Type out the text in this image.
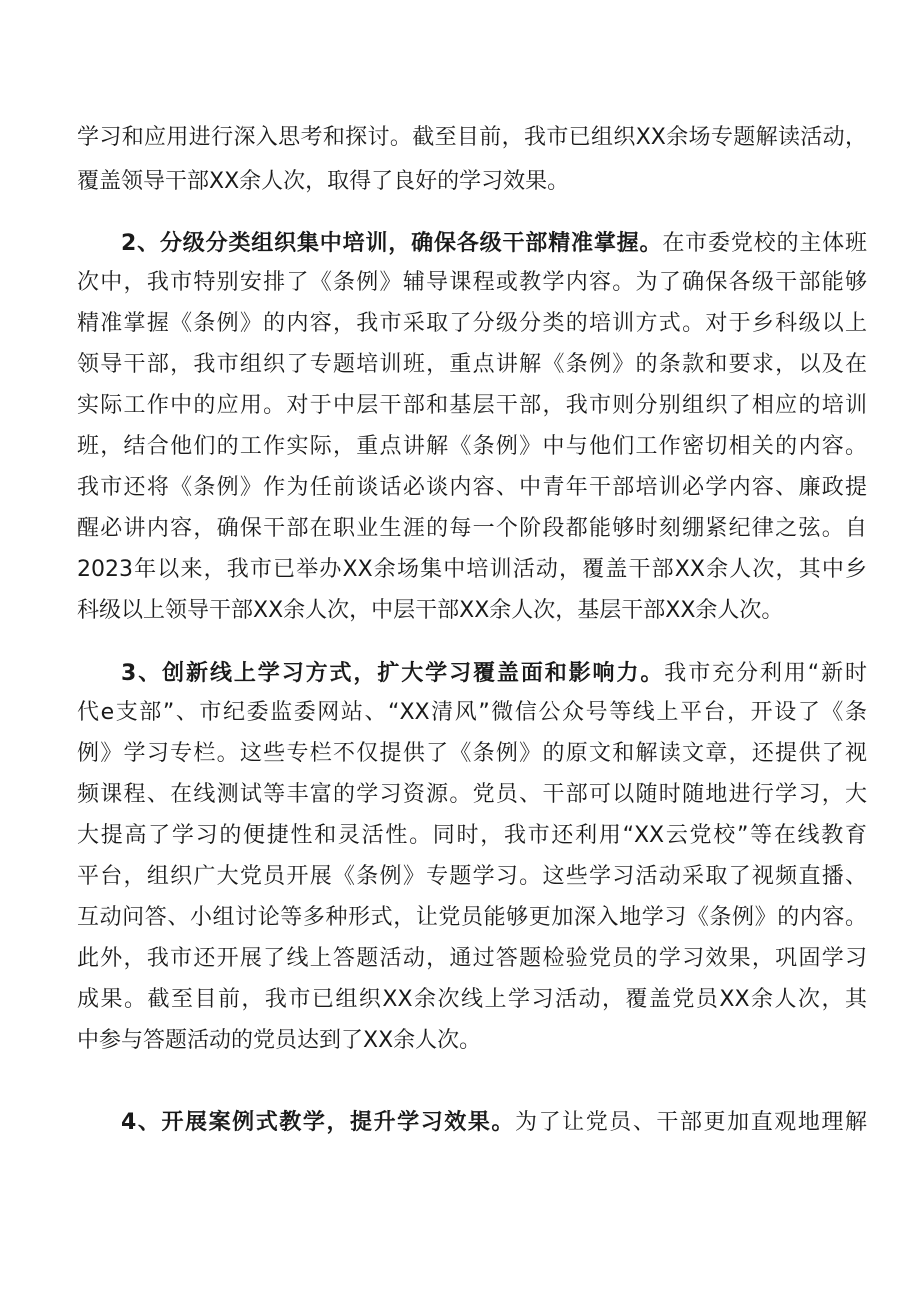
学习和应用进行深入思考和探讨。截至目前，我市已组织XX余场专题解读活动，
覆盖领导干部XX余人次，取得了良好的学习效果。
2、分级分类组织集中培训，确保各级干部精准掌握。在市委党校的主体班
次中，我市特别安排了《条例》辅导课程或教学内容。为了确保各级干部能够
精准掌握《条例》的内容，我市采取了分级分类的培训方式。对于乡科级以上
领导干部，我市组织了专题培训班，重点讲解《条例》的条款和要求，以及在
实际工作中的应用。对于中层干部和基层干部，我市则分别组织了相应的培训
班，结合他们的工作实际，重点讲解《条例》中与他们工作密切相关的内容。
我市还将《条例》作为任前谈话必谈内容、中青年干部培训必学内容、廉政提
醒必讲内容，确保干部在职业生涯的每一个阶段都能够时刻绷紧纪律之弦。自
2023年以来，我市已举办XX余场集中培训活动，覆盖干部XX余人次，其中乡
科级以上领导干部XX余人次，中层干部XX余人次，基层干部XX余人次。
3、创新线上学习方式，扩大学习覆盖面和影响力。我市充分利用“新时
代e支部”、市纪委监委网站、“XX清风”微信公众号等线上平台，开设了《条
例》学习专栏。这些专栏不仅提供了《条例》的原文和解读文章，还提供了视
频课程、在线测试等丰富的学习资源。党员、干部可以随时随地进行学习，大
大提高了学习的便捷性和灵活性。同时，我市还利用“XX云党校”等在线教育
平台，组织广大党员开展《条例》专题学习。这些学习活动采取了视频直播、
互动问答、小组讨论等多种形式，让党员能够更加深入地学习《条例》的内容。
此外，我市还开展了线上答题活动，通过答题检验党员的学习效果，巩固学习
成果。截至目前，我市已组织XX余次线上学习活动，覆盖党员XX余人次，其
中参与答题活动的党员达到了XX余人次。
4、开展案例式教学，提升学习效果。为了让党员、干部更加直观地理解
